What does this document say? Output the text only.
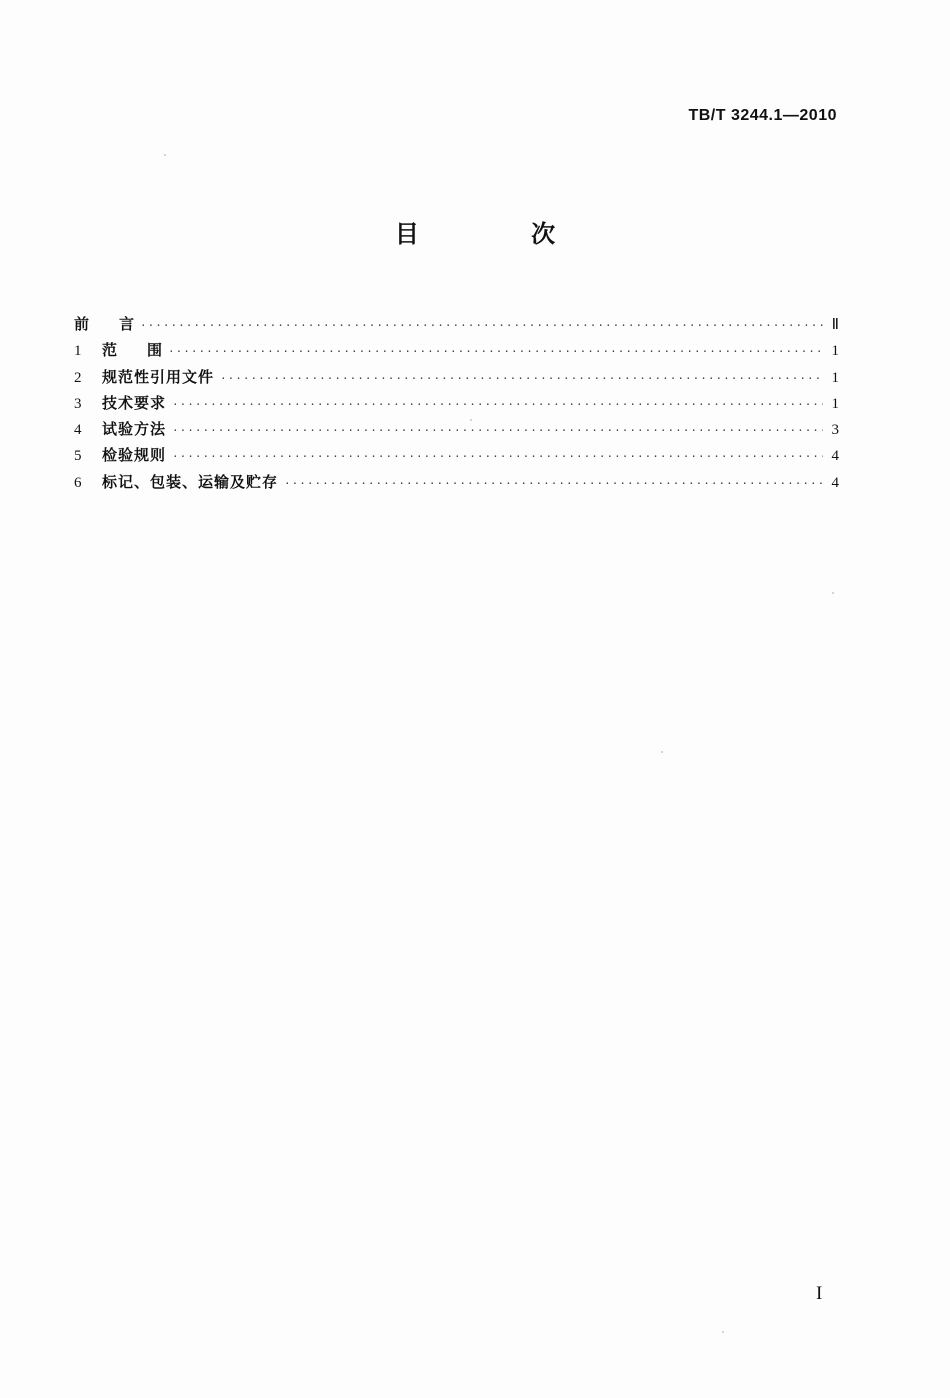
TB/T 3244.1—2010
目 次
前　　言 ·····	Ⅱ
1	范　　围 ·····	1
2	规范性引用文件 ·····	1
3	技术要求 ·····	1
4	试验方法 ·····	3
5	检验规则 ·····	4
6	标记、包装、运输及贮存 ·····	4
I
